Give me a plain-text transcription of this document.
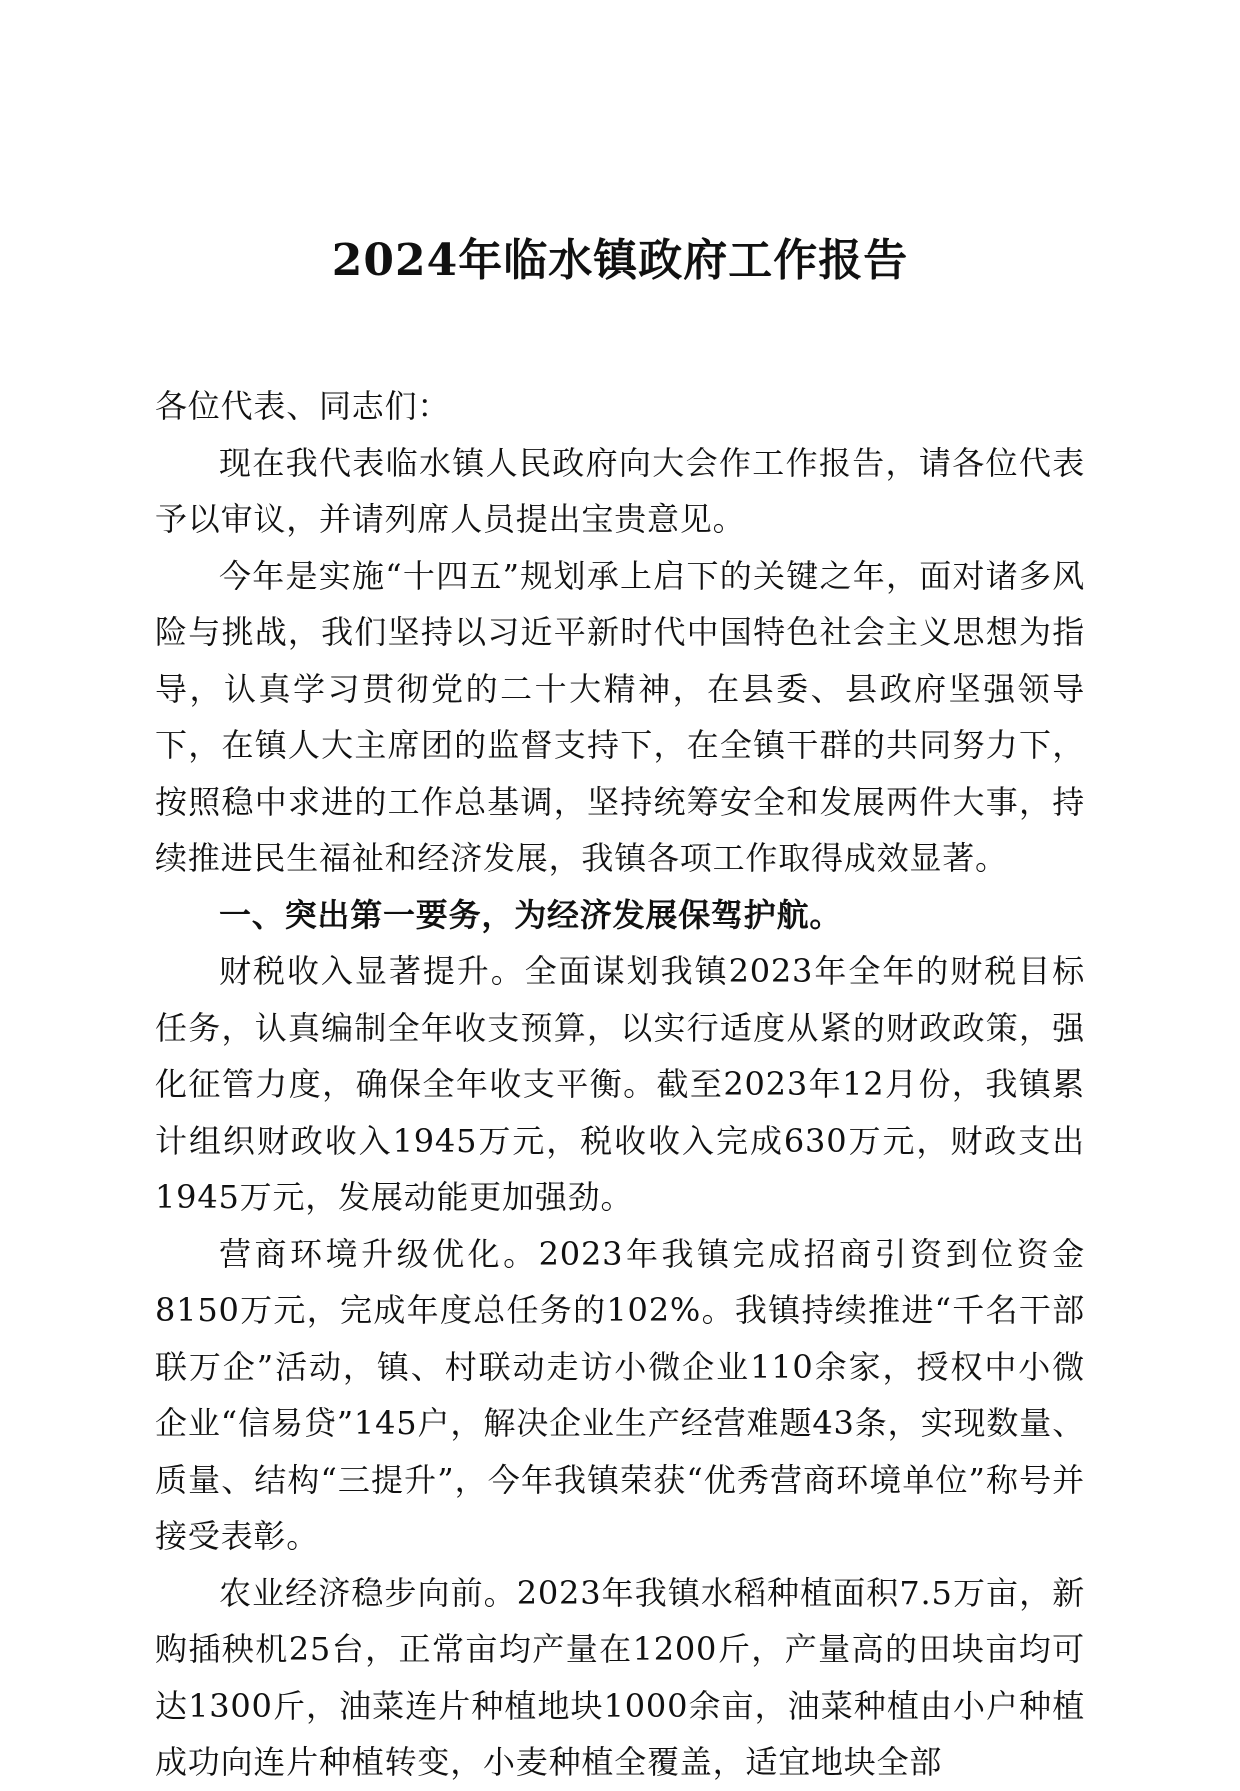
2024年临水镇政府工作报告

各位代表、同志们：

现在我代表临水镇人民政府向大会作工作报告，请各位代表予以审议，并请列席人员提出宝贵意见。

今年是实施“十四五”规划承上启下的关键之年，面对诸多风险与挑战，我们坚持以习近平新时代中国特色社会主义思想为指导，认真学习贯彻党的二十大精神，在县委、县政府坚强领导下，在镇人大主席团的监督支持下，在全镇干群的共同努力下，按照稳中求进的工作总基调，坚持统筹安全和发展两件大事，持续推进民生福祉和经济发展，我镇各项工作取得成效显著。

一、突出第一要务，为经济发展保驾护航。

财税收入显著提升。全面谋划我镇2023年全年的财税目标任务，认真编制全年收支预算，以实行适度从紧的财政政策，强化征管力度，确保全年收支平衡。截至2023年12月份，我镇累计组织财政收入1945万元，税收收入完成630万元，财政支出1945万元，发展动能更加强劲。

营商环境升级优化。2023年我镇完成招商引资到位资金8150万元，完成年度总任务的102%。我镇持续推进“千名干部联万企”活动，镇、村联动走访小微企业110余家，授权中小微企业“信易贷”145户，解决企业生产经营难题43条，实现数量、质量、结构“三提升”，今年我镇荣获“优秀营商环境单位”称号并接受表彰。

农业经济稳步向前。2023年我镇水稻种植面积7.5万亩，新购插秧机25台，正常亩均产量在1200斤，产量高的田块亩均可达1300斤，油菜连片种植地块1000余亩，油菜种植由小户种植成功向连片种植转变，小麦种植全覆盖，适宜地块全部
